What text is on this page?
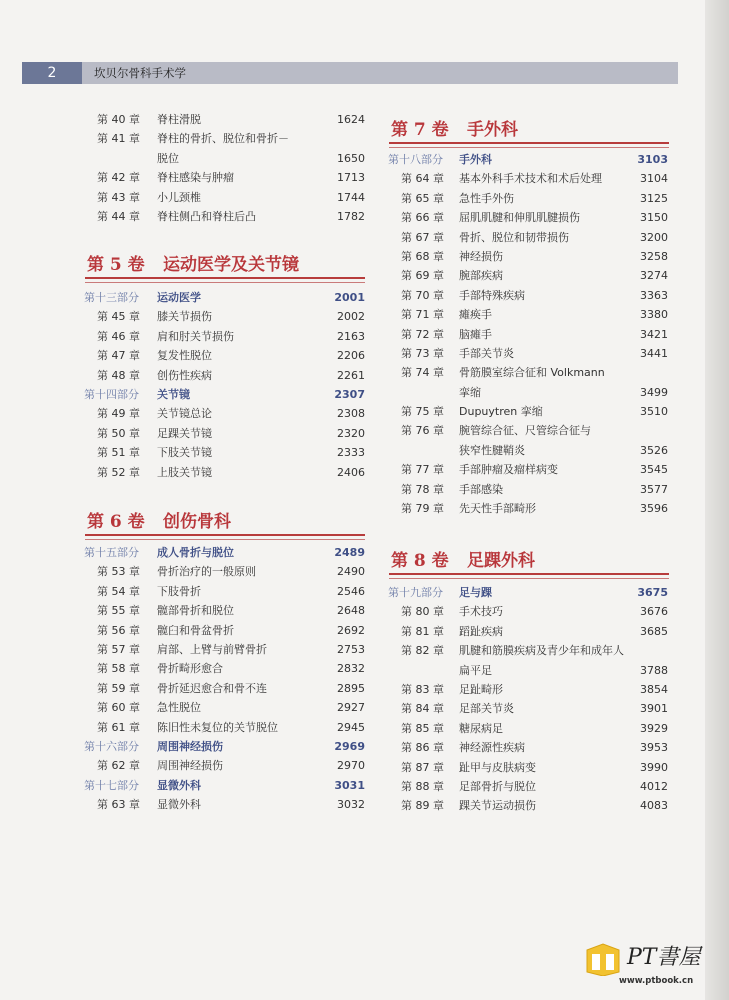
2	坎贝尔骨科手术学
第 40 章 脊柱滑脱	1624
第 41 章 脊柱的骨折、脱位和骨折－
脱位	1650
第 42 章 脊柱感染与肿瘤	1713
第 43 章 小儿颈椎	1744
第 44 章 脊柱侧凸和脊柱后凸	1782
第 5 卷 运动医学及关节镜
第十三部分 运动医学	2001
第 45 章 膝关节损伤	2002
第 46 章 肩和肘关节损伤	2163
第 47 章 复发性脱位	2206
第 48 章 创伤性疾病	2261
第十四部分 关节镜	2307
第 49 章 关节镜总论	2308
第 50 章 足踝关节镜	2320
第 51 章 下肢关节镜	2333
第 52 章 上肢关节镜	2406
第 6 卷 创伤骨科
第十五部分 成人骨折与脱位	2489
第 53 章 骨折治疗的一般原则	2490
第 54 章 下肢骨折	2546
第 55 章 髋部骨折和脱位	2648
第 56 章 髋臼和骨盆骨折	2692
第 57 章 肩部、上臂与前臂骨折	2753
第 58 章 骨折畸形愈合	2832
第 59 章 骨折延迟愈合和骨不连	2895
第 60 章 急性脱位	2927
第 61 章 陈旧性未复位的关节脱位	2945
第十六部分 周围神经损伤	2969
第 62 章 周围神经损伤	2970
第十七部分 显微外科	3031
第 63 章 显微外科	3032
第 7 卷 手外科
第十八部分 手外科	3103
第 64 章 基本外科手术技术和术后处理	3104
第 65 章 急性手外伤	3125
第 66 章 屈肌肌腱和伸肌肌腱损伤	3150
第 67 章 骨折、脱位和韧带损伤	3200
第 68 章 神经损伤	3258
第 69 章 腕部疾病	3274
第 70 章 手部特殊疾病	3363
第 71 章 瘫痪手	3380
第 72 章 脑瘫手	3421
第 73 章 手部关节炎	3441
第 74 章 骨筋膜室综合征和 Volkmann
挛缩	3499
第 75 章 Dupuytren 挛缩	3510
第 76 章 腕管综合征、尺管综合征与
狭窄性腱鞘炎	3526
第 77 章 手部肿瘤及瘤样病变	3545
第 78 章 手部感染	3577
第 79 章 先天性手部畸形	3596
第 8 卷 足踝外科
第十九部分 足与踝	3675
第 80 章 手术技巧	3676
第 81 章 蹈趾疾病	3685
第 82 章 肌腱和筋膜疾病及青少年和成年人
扁平足	3788
第 83 章 足趾畸形	3854
第 84 章 足部关节炎	3901
第 85 章 糖尿病足	3929
第 86 章 神经源性疾病	3953
第 87 章 趾甲与皮肤病变	3990
第 88 章 足部骨折与脱位	4012
第 89 章 踝关节运动损伤	4083
PT書屋
www.ptbook.cn
